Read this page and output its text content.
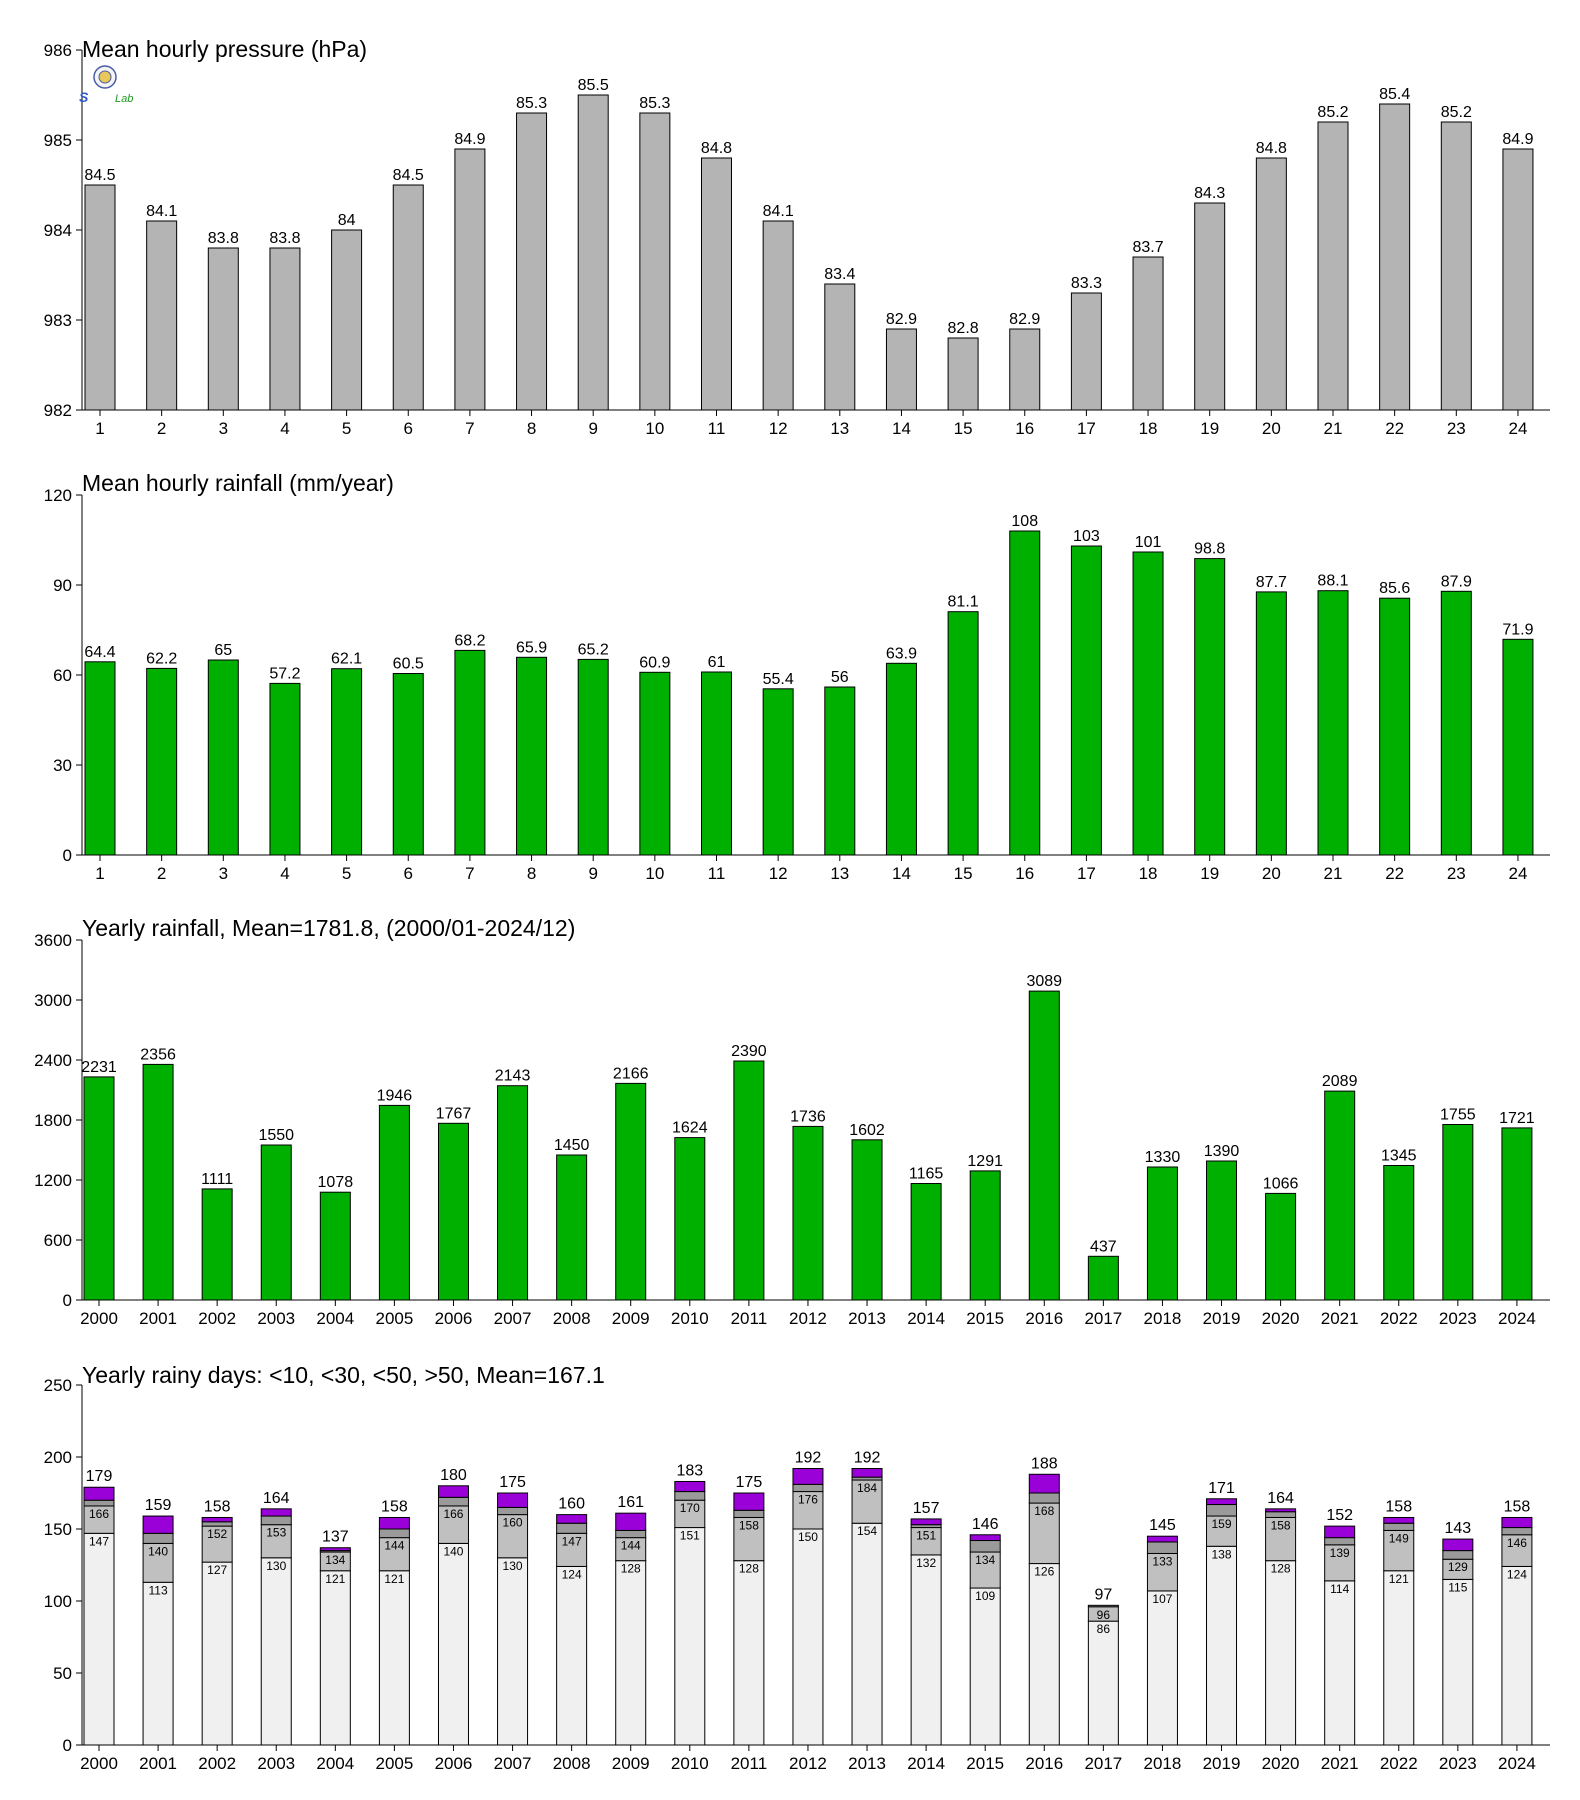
Mean hourly pressure (hPa)
982
983
984
985
986
1
84.5
2
84.1
3
83.8
4
83.8
5
84
6
84.5
7
84.9
8
85.3
9
85.5
10
85.3
11
84.8
12
84.1
13
83.4
14
82.9
15
82.8
16
82.9
17
83.3
18
83.7
19
84.3
20
84.8
21
85.2
22
85.4
23
85.2
24
84.9
Mean hourly rainfall (mm/year)
0
30
60
90
120
1
64.4
2
62.2
3
65
4
57.2
5
62.1
6
60.5
7
68.2
8
65.9
9
65.2
10
60.9
11
61
12
55.4
13
56
14
63.9
15
81.1
16
108
17
103
18
101
19
98.8
20
87.7
21
88.1
22
85.6
23
87.9
24
71.9
Yearly rainfall, Mean=1781.8, (2000/01-2024/12)
0
600
1200
1800
2400
3000
3600
2000
2231
2001
2356
2002
1111
2003
1550
2004
1078
2005
1946
2006
1767
2007
2143
2008
1450
2009
2166
2010
1624
2011
2390
2012
1736
2013
1602
2014
1165
2015
1291
2016
3089
2017
437
2018
1330
2019
1390
2020
1066
2021
2089
2022
1345
2023
1755
2024
1721
Yearly rainy days: <10, <30, <50, >50, Mean=167.1
0
50
100
150
200
250
2000
147
166
179
2001
113
140
159
2002
127
152
158
2003
130
153
164
2004
121
134
137
2005
121
144
158
2006
140
166
180
2007
130
160
175
2008
124
147
160
2009
128
144
161
2010
151
170
183
2011
128
158
175
2012
150
176
192
2013
154
184
192
2014
132
151
157
2015
109
134
146
2016
126
168
188
2017
86
96
97
2018
107
133
145
2019
138
159
171
2020
128
158
164
2021
114
139
152
2022
121
149
158
2023
115
129
143
2024
124
146
158
S Lab
